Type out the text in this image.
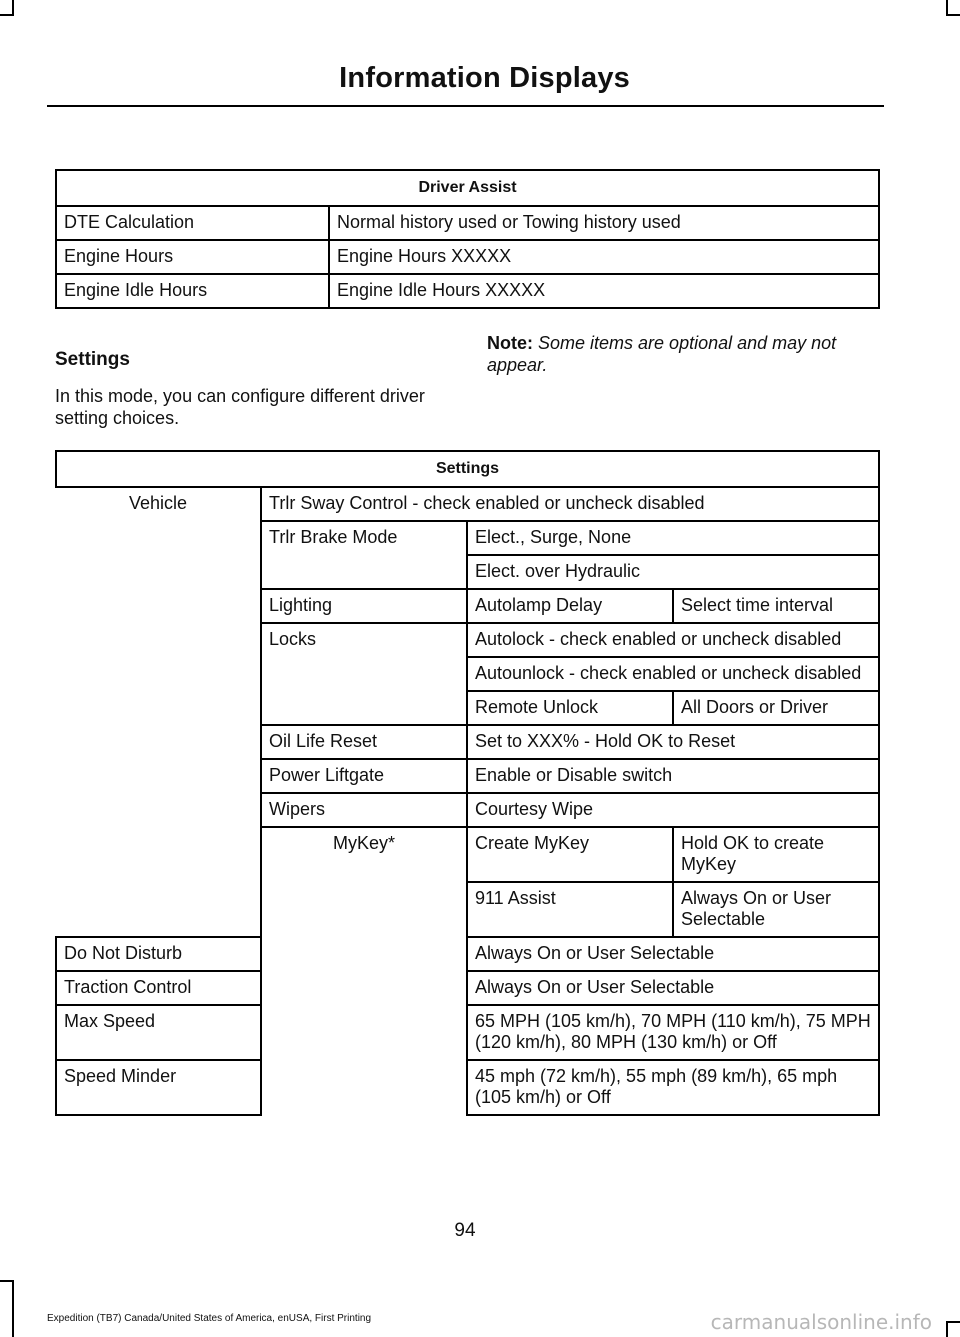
Information Displays
Driver Assist	
DTE Calculation	Normal history used or Towing history used
Engine Hours	Engine Hours XXXXX
Engine Idle Hours	Engine Idle Hours XXXXX
Settings
In this mode, you can configure different driver setting choices.
Note: Some items are optional and may not appear.
Settings			
Vehicle	Trlr Sway Control - check enabled or uncheck disabled		
	Trlr Brake Mode	Elect., Surge, None	
		Elect. over Hydraulic	
	Lighting	Autolamp Delay	Select time interval
	Locks	Autolock - check enabled or uncheck disabled	
		Autounlock - check enabled or uncheck disabled	
		Remote Unlock	All Doors or Driver
	Oil Life Reset	Set to XXX% - Hold OK to Reset	
	Power Liftgate	Enable or Disable switch	
	Wipers	Courtesy Wipe	
	MyKey*	Create MyKey	Hold OK to create MyKey
		911 Assist	Always On or User Selectable
Do Not Disturb		Always On or User Selectable	
Traction Control		Always On or User Selectable	
Max Speed		65 MPH (105 km/h), 70 MPH (110 km/h), 75 MPH (120 km/h), 80 MPH (130 km/h) or Off	
Speed Minder		45 mph (72 km/h), 55 mph (89 km/h), 65 mph (105 km/h) or Off	
94
Expedition (TB7) Canada/United States of America, enUSA, First Printing	carmanualsonline.info
